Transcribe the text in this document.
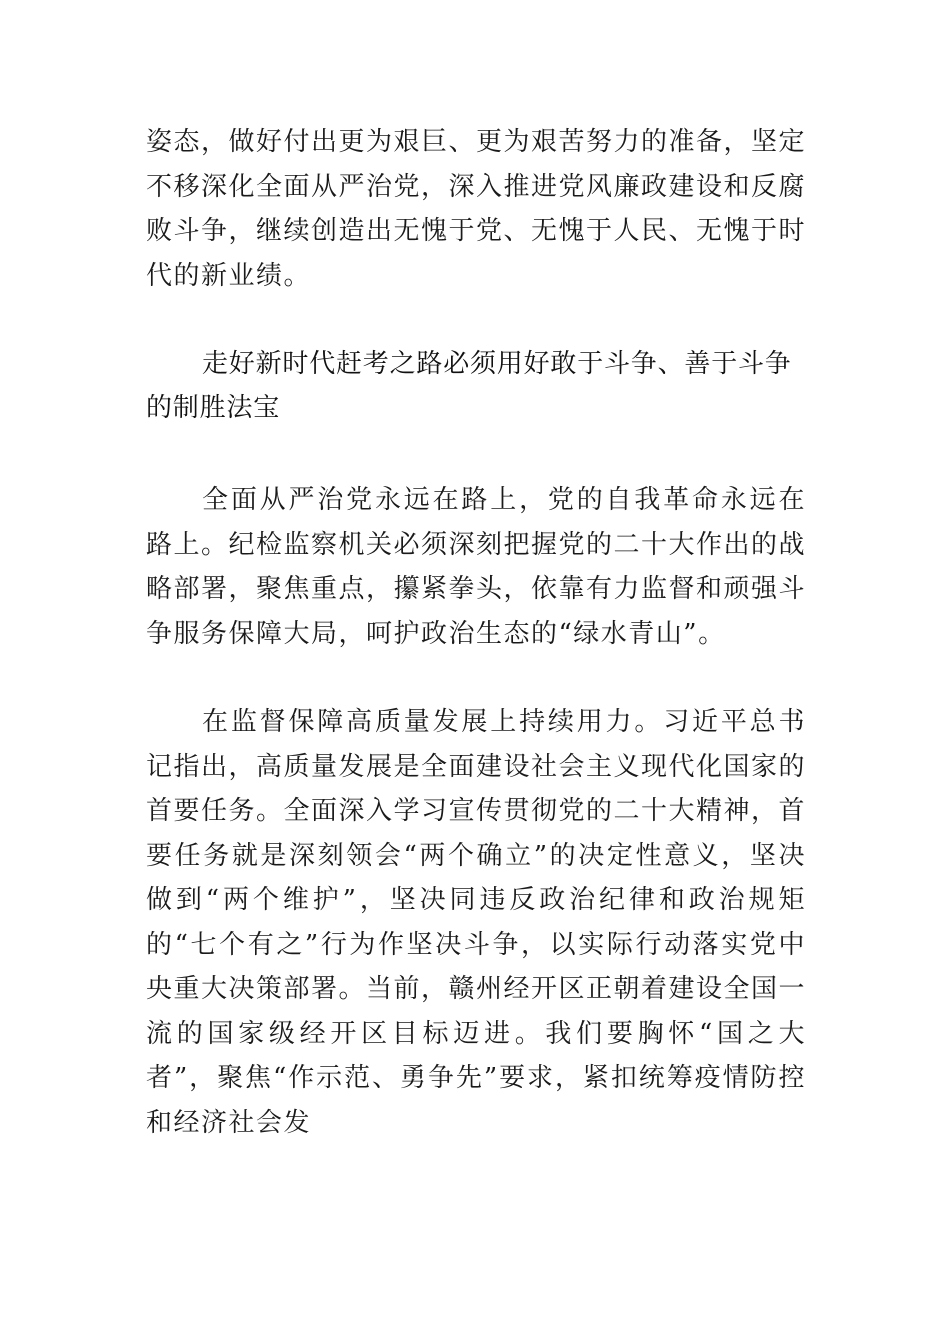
姿态，做好付出更为艰巨、更为艰苦努力的准备，坚定不移深化全面从严治党，深入推进党风廉政建设和反腐败斗争，继续创造出无愧于党、无愧于人民、无愧于时代的新业绩。

走好新时代赶考之路必须用好敢于斗争、善于斗争的制胜法宝

全面从严治党永远在路上，党的自我革命永远在路上。纪检监察机关必须深刻把握党的二十大作出的战略部署，聚焦重点，攥紧拳头，依靠有力监督和顽强斗争服务保障大局，呵护政治生态的“绿水青山”。

在监督保障高质量发展上持续用力。习近平总书记指出，高质量发展是全面建设社会主义现代化国家的首要任务。全面深入学习宣传贯彻党的二十大精神，首要任务就是深刻领会“两个确立”的决定性意义，坚决做到“两个维护”，坚决同违反政治纪律和政治规矩的“七个有之”行为作坚决斗争，以实际行动落实党中央重大决策部署。当前，赣州经开区正朝着建设全国一流的国家级经开区目标迈进。我们要胸怀“国之大者”，聚焦“作示范、勇争先”要求，紧扣统筹疫情防控和经济社会发
